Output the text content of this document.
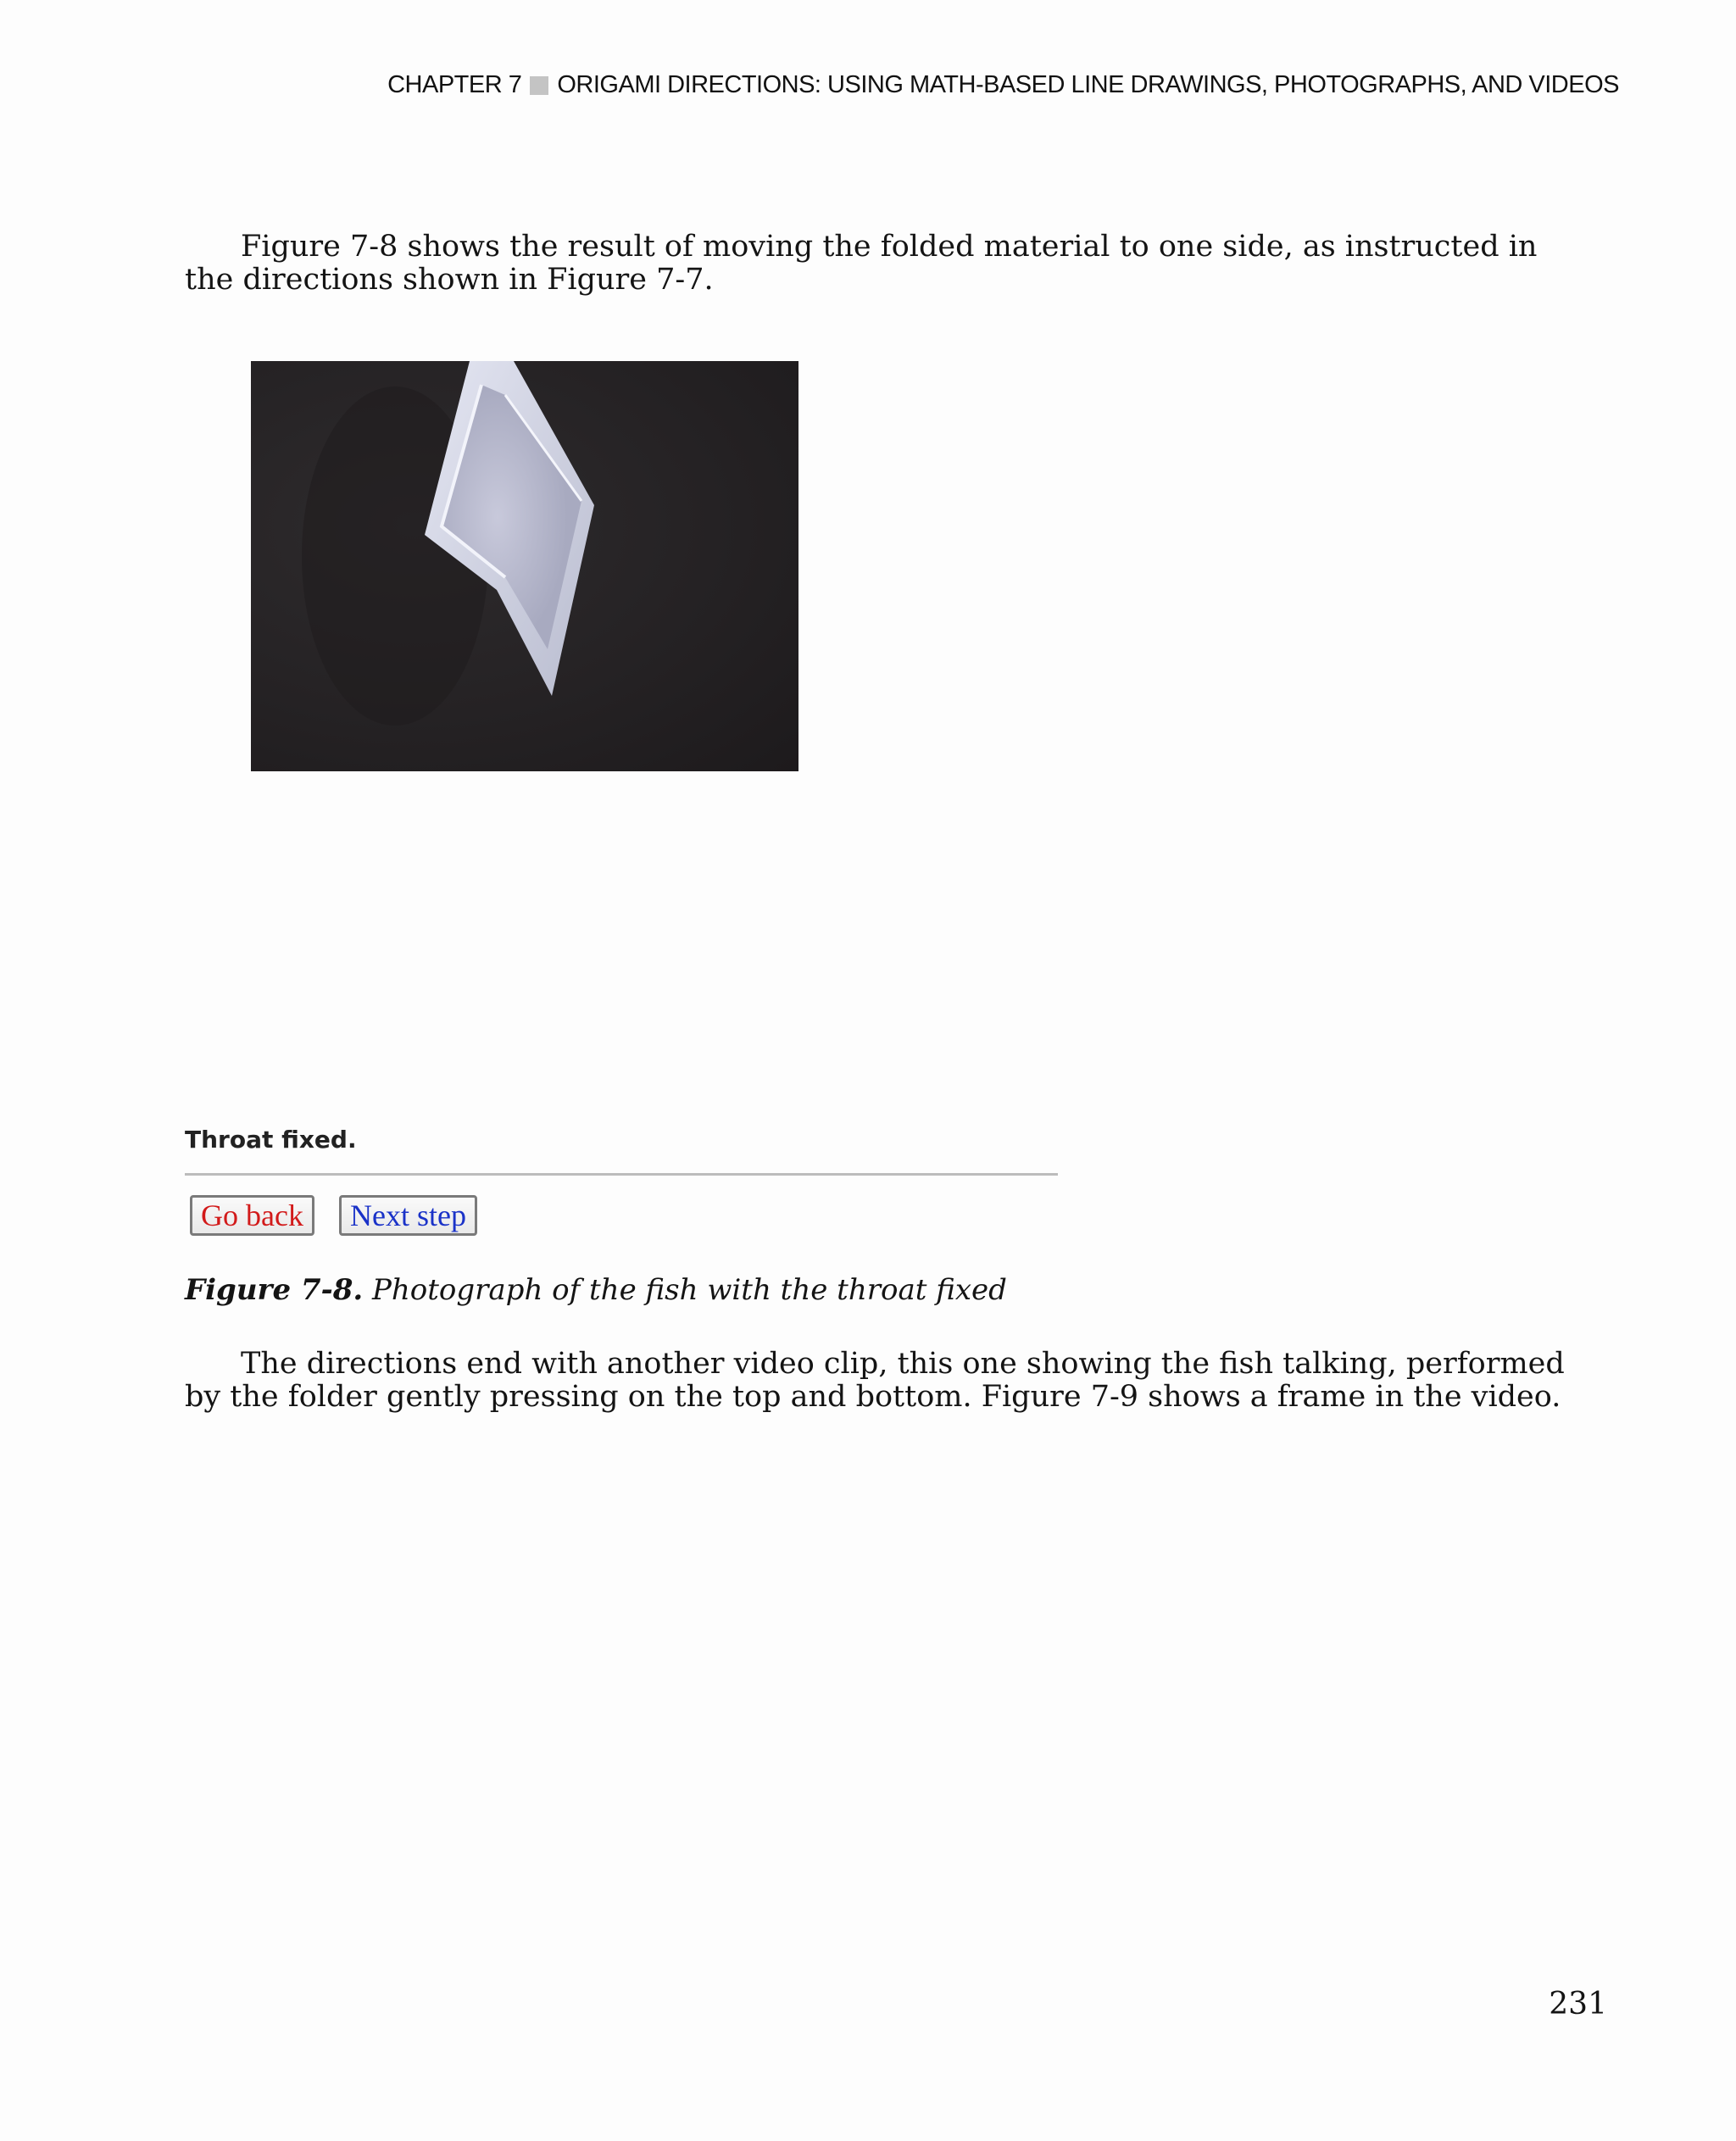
CHAPTER 7 ORIGAMI DIRECTIONS: USING MATH-BASED LINE DRAWINGS, PHOTOGRAPHS, AND VIDEOS

Figure 7-8 shows the result of moving the folded material to one side, as instructed in the directions shown in Figure 7-7.

Throat fixed.
Go back	Next step
Figure 7-8. Photograph of the fish with the throat fixed

The directions end with another video clip, this one showing the fish talking, performed by the folder gently pressing on the top and bottom. Figure 7-9 shows a frame in the video.

231
